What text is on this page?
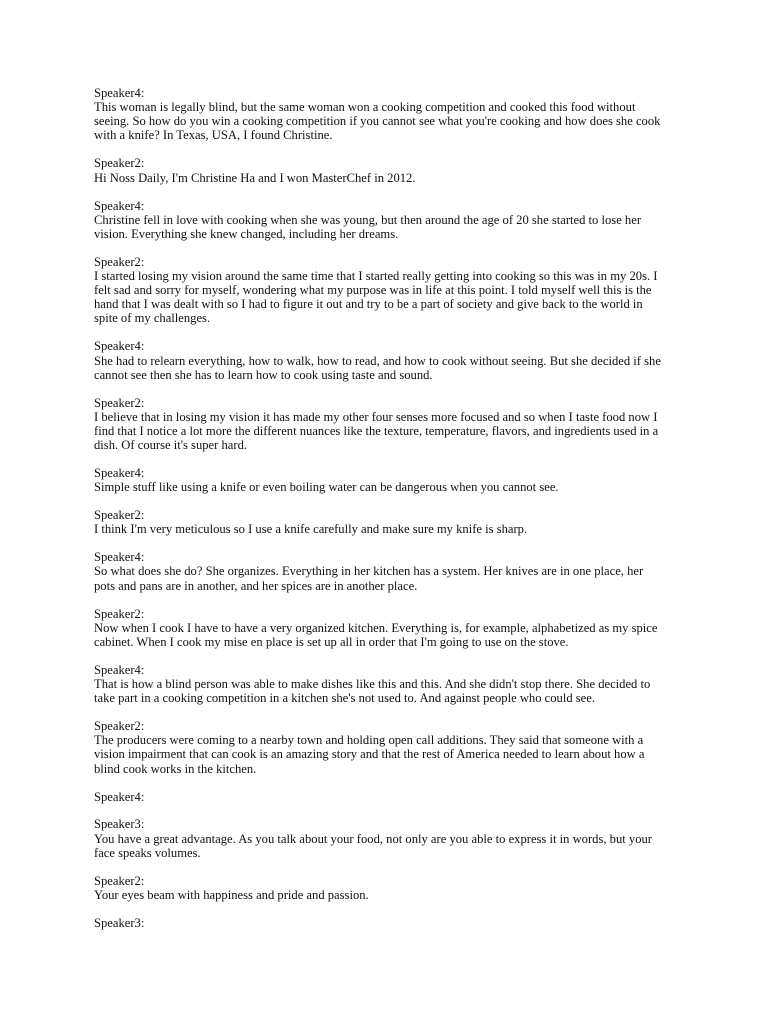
Speaker4:
This woman is legally blind, but the same woman won a cooking competition and cooked this food without
seeing. So how do you win a cooking competition if you cannot see what you're cooking and how does she cook
with a knife? In Texas, USA, I found Christine.
Speaker2:
Hi Noss Daily, I'm Christine Ha and I won MasterChef in 2012.
Speaker4:
Christine fell in love with cooking when she was young, but then around the age of 20 she started to lose her
vision. Everything she knew changed, including her dreams.
Speaker2:
I started losing my vision around the same time that I started really getting into cooking so this was in my 20s. I
felt sad and sorry for myself, wondering what my purpose was in life at this point. I told myself well this is the
hand that I was dealt with so I had to figure it out and try to be a part of society and give back to the world in
spite of my challenges.
Speaker4:
She had to relearn everything, how to walk, how to read, and how to cook without seeing. But she decided if she
cannot see then she has to learn how to cook using taste and sound.
Speaker2:
I believe that in losing my vision it has made my other four senses more focused and so when I taste food now I
find that I notice a lot more the different nuances like the texture, temperature, flavors, and ingredients used in a
dish. Of course it's super hard.
Speaker4:
Simple stuff like using a knife or even boiling water can be dangerous when you cannot see.
Speaker2:
I think I'm very meticulous so I use a knife carefully and make sure my knife is sharp.
Speaker4:
So what does she do? She organizes. Everything in her kitchen has a system. Her knives are in one place, her
pots and pans are in another, and her spices are in another place.
Speaker2:
Now when I cook I have to have a very organized kitchen. Everything is, for example, alphabetized as my spice
cabinet. When I cook my mise en place is set up all in order that I'm going to use on the stove.
Speaker4:
That is how a blind person was able to make dishes like this and this. And she didn't stop there. She decided to
take part in a cooking competition in a kitchen she's not used to. And against people who could see.
Speaker2:
The producers were coming to a nearby town and holding open call additions. They said that someone with a
vision impairment that can cook is an amazing story and that the rest of America needed to learn about how a
blind cook works in the kitchen.
Speaker4:
Speaker3:
You have a great advantage. As you talk about your food, not only are you able to express it in words, but your
face speaks volumes.
Speaker2:
Your eyes beam with happiness and pride and passion.
Speaker3:
